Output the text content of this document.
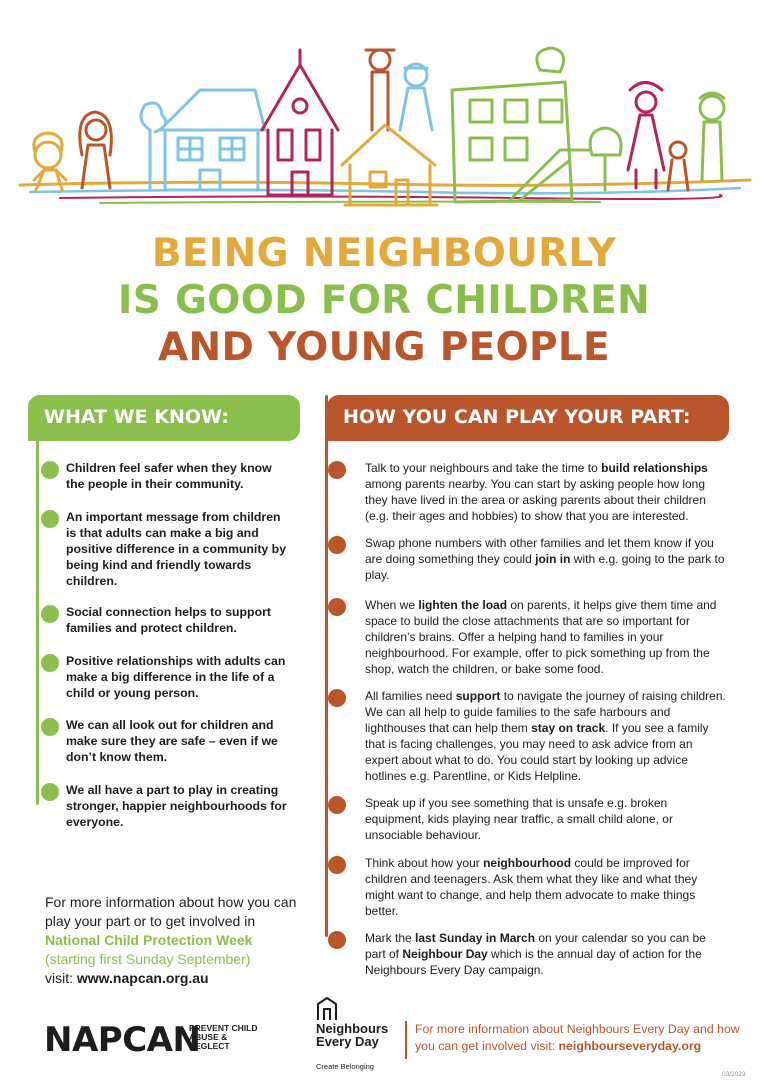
BEING NEIGHBOURLY
IS GOOD FOR CHILDREN
AND YOUNG PEOPLE
WHAT WE KNOW:	HOW YOU CAN PLAY YOUR PART:
Children feel safer when they know the people in their community.
An important message from children is that adults can make a big and positive difference in a community by being kind and friendly towards children.
Social connection helps to support families and protect children.
Positive relationships with adults can make a big difference in the life of a child or young person.
We can all look out for children and make sure they are safe – even if we don’t know them.
We all have a part to play in creating stronger, happier neighbourhoods for everyone.
Talk to your neighbours and take the time to build relationships among parents nearby. You can start by asking people how long they have lived in the area or asking parents about their children (e.g. their ages and hobbies) to show that you are interested.
Swap phone numbers with other families and let them know if you are doing something they could join in with e.g. going to the park to play.
When we lighten the load on parents, it helps give them time and space to build the close attachments that are so important for children’s brains. Offer a helping hand to families in your neighbourhood. For example, offer to pick something up from the shop, watch the children, or bake some food.
All families need support to navigate the journey of raising children. We can all help to guide families to the safe harbours and lighthouses that can help them stay on track. If you see a family that is facing challenges, you may need to ask advice from an expert about what to do. You could start by looking up advice hotlines e.g. Parentline, or Kids Helpline.
Speak up if you see something that is unsafe e.g. broken equipment, kids playing near traffic, a small child alone, or unsociable behaviour.
Think about how your neighbourhood could be improved for children and teenagers. Ask them what they like and what they might want to change, and help them advocate to make things better.
Mark the last Sunday in March on your calendar so you can be part of Neighbour Day which is the annual day of action for the Neighbours Every Day campaign.
For more information about how you can play your part or to get involved in
National Child Protection Week
(starting first Sunday September)
visit: www.napcan.org.au
NAPCAN
PREVENT CHILD ABUSE & NEGLECT
Neighbours Every Day
Create Belonging
For more information about Neighbours Every Day and how you can get involved visit: neighbourseveryday.org
03/2023
